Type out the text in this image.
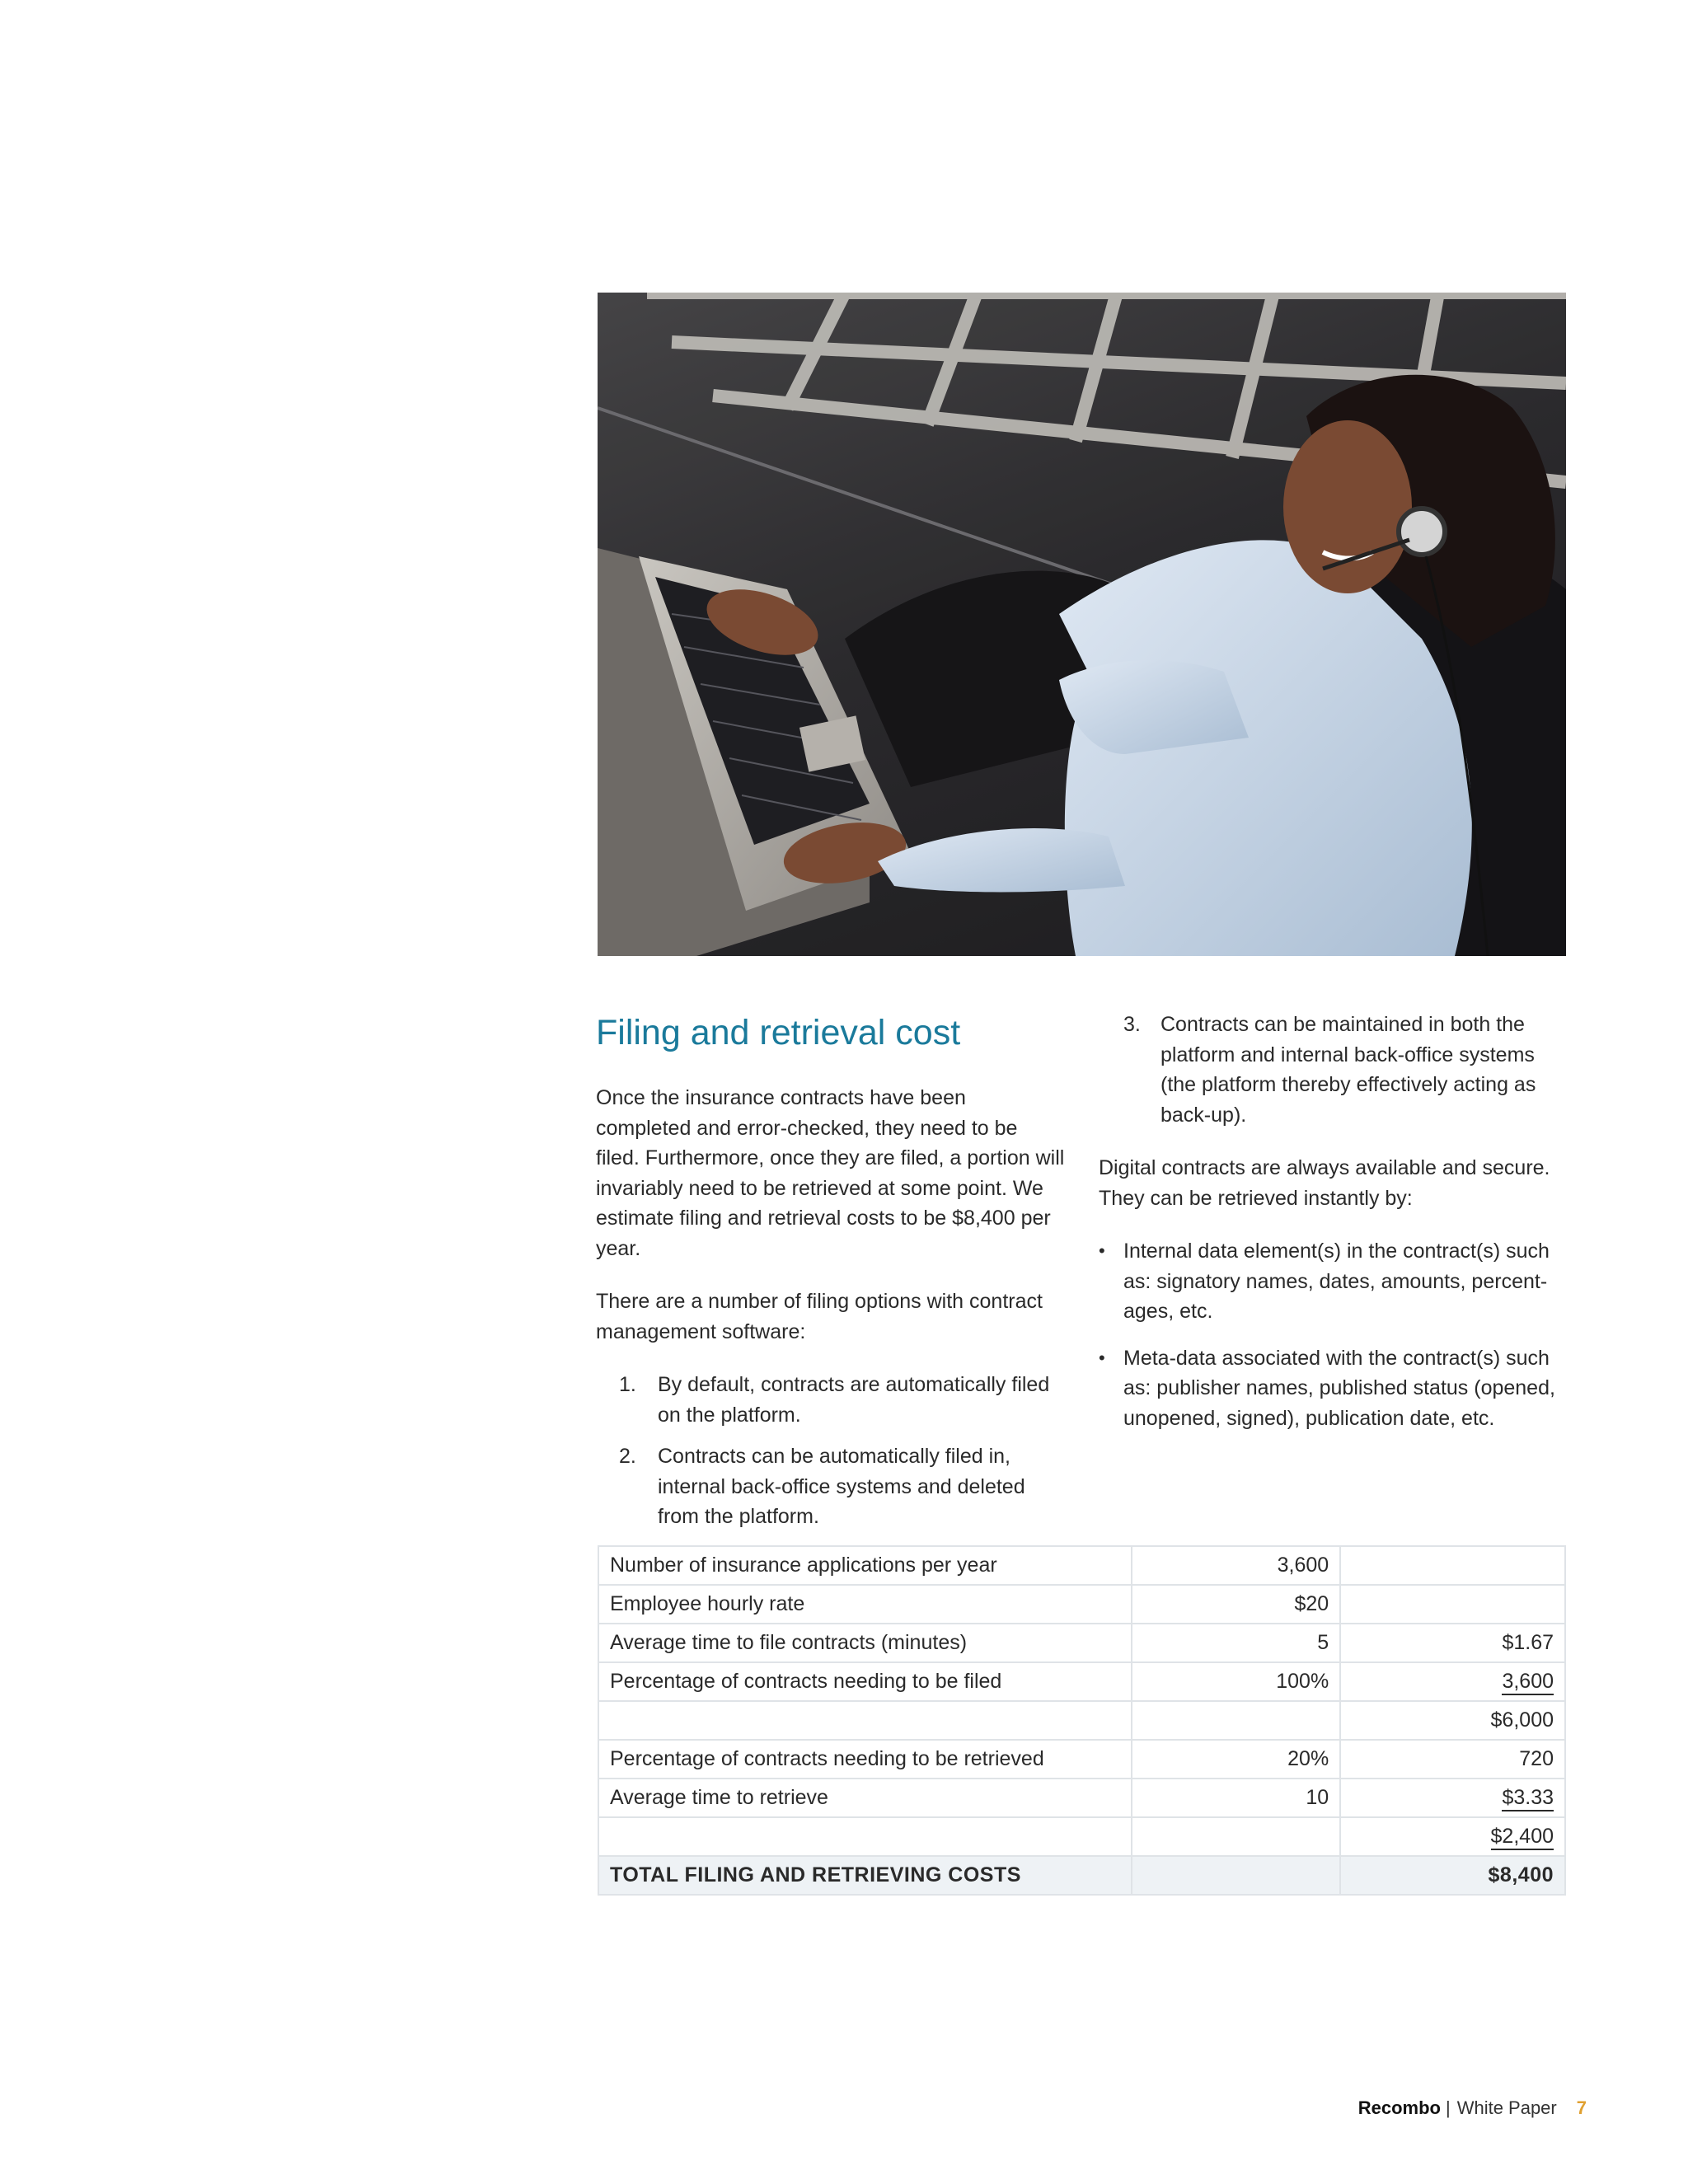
Filing and retrieval cost

Once the insurance contracts have been completed and error-checked, they need to be filed. Furthermore, once they are filed, a portion will invariably need to be retrieved at some point. We estimate filing and retrieval costs to be $8,400 per year.

There are a number of filing options with contract management software:

1. By default, contracts are automatically filed on the platform.
2. Contracts can be automatically filed in, internal back-office systems and deleted from the platform.
3. Contracts can be maintained in both the platform and internal back-office systems (the platform thereby effectively acting as back-up).

Digital contracts are always available and secure. They can be retrieved instantly by:

• Internal data element(s) in the contract(s) such as: signatory names, dates, amounts, percent-ages, etc.
• Meta-data associated with the contract(s) such as: publisher names, published status (opened, unopened, signed), publication date, etc.
Number of insurance applications per year	3,600	
Employee hourly rate	$20	
Average time to file contracts (minutes)	5	$1.67
Percentage of contracts needing to be filed	100%	3,600
		$6,000
Percentage of contracts needing to be retrieved	20%	720
Average time to retrieve	10	$3.33
		$2,400
TOTAL FILING AND RETRIEVING COSTS		$8,400
Recombo | White Paper 7
